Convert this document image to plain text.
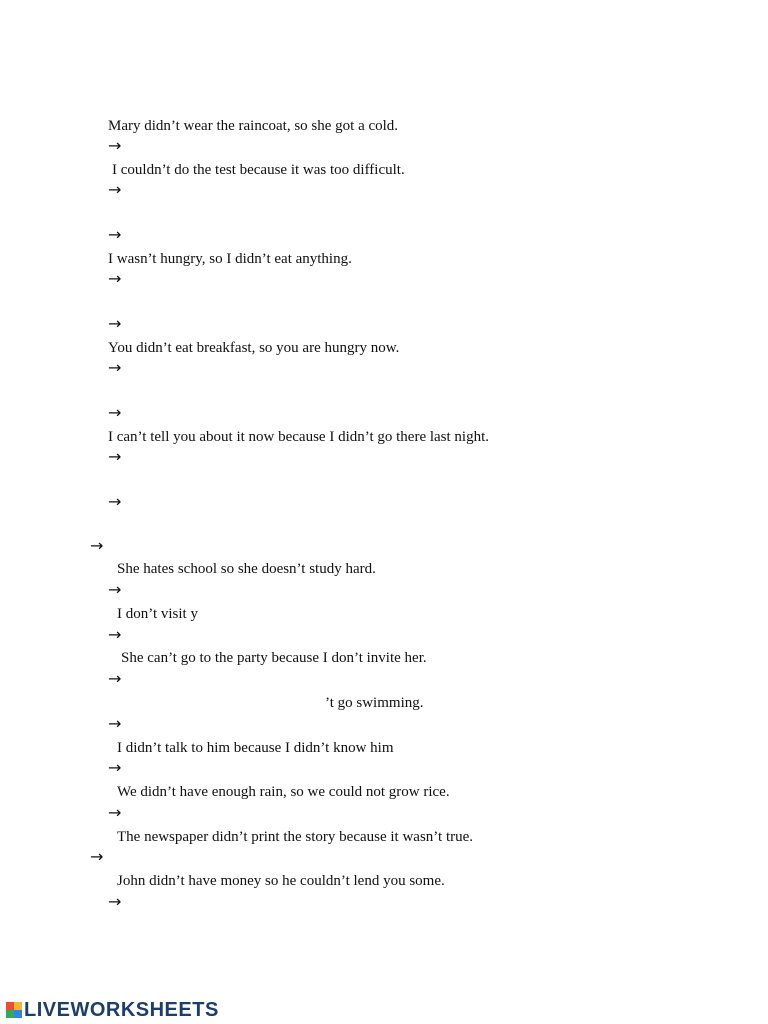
Mary didn’t wear the raincoat, so she got a cold.
→
I couldn’t do the test because it was too difficult.
→
→
I wasn’t hungry, so I didn’t eat anything.
→
→
You didn’t eat breakfast, so you are hungry now.
→
→
I can’t tell you about it now because I didn’t go there last night.
→
→
→
She hates school so she doesn’t study hard.
→
I don’t visit y
→
She can’t go to the party because I don’t invite her.
→
’t go swimming.
→
I didn’t talk to him because I didn’t know him
→
We didn’t have enough rain, so we could not grow rice.
→
The newspaper didn’t print the story because it wasn’t true.
→
John didn’t have money so he couldn’t lend you some.
→
LIVEWORKSHEETS
